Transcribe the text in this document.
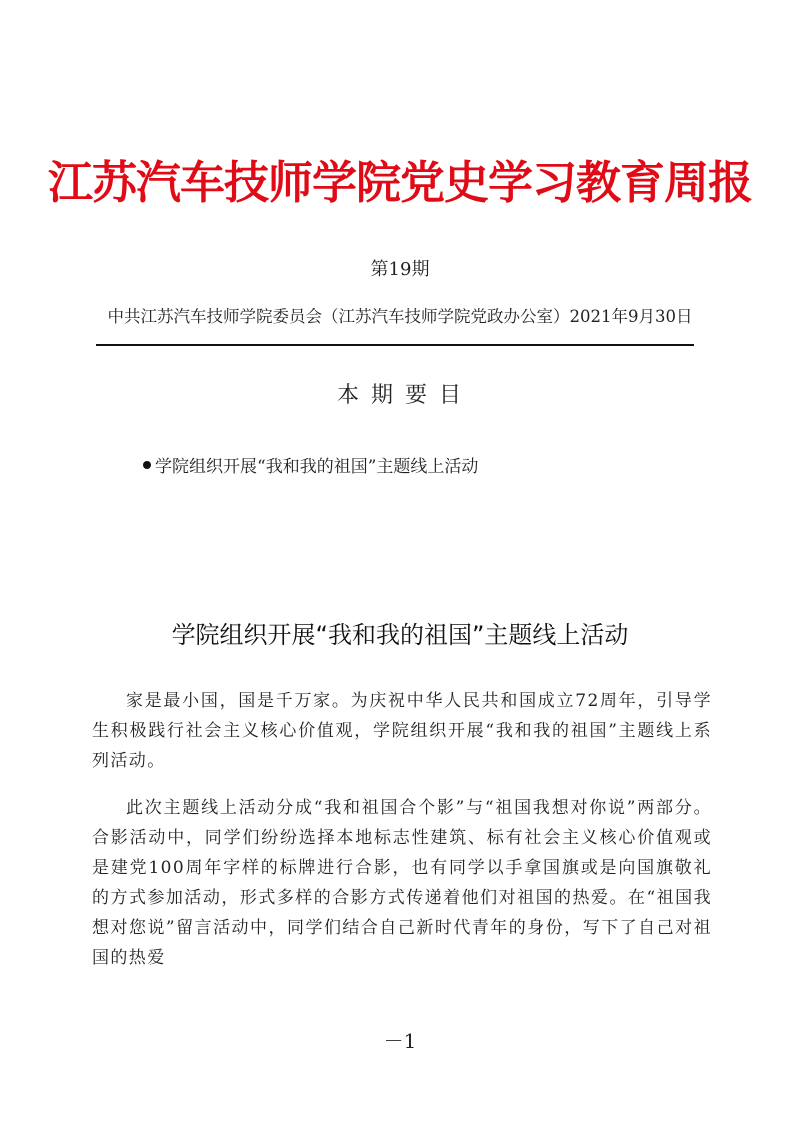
江苏汽车技师学院党史学习教育周报
第19期
中共江苏汽车技师学院委员会（江苏汽车技师学院党政办公室）2021年9月30日
本期要目
学院组织开展“我和我的祖国”主题线上活动
学院组织开展“我和我的祖国”主题线上活动

家是最小国，国是千万家。为庆祝中华人民共和国成立72周年，引导学生积极践行社会主义核心价值观，学院组织开展“我和我的祖国”主题线上系列活动。

此次主题线上活动分成“我和祖国合个影”与“祖国我想对你说”两部分。合影活动中，同学们纷纷选择本地标志性建筑、标有社会主义核心价值观或是建党100周年字样的标牌进行合影，也有同学以手拿国旗或是向国旗敬礼的方式参加活动，形式多样的合影方式传递着他们对祖国的热爱。在“祖国我想对您说”留言活动中，同学们结合自己新时代青年的身份，写下了自己对祖国的热爱

－1
